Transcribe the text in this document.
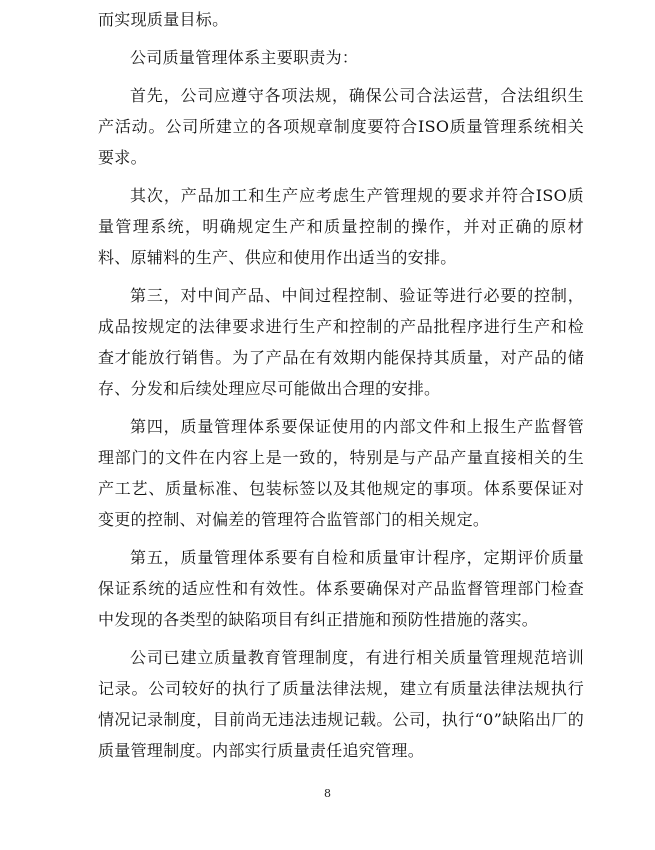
而实现质量目标。

公司质量管理体系主要职责为：

首先，公司应遵守各项法规，确保公司合法运营，合法组织生产活动。公司所建立的各项规章制度要符合ISO质量管理系统相关要求。

其次，产品加工和生产应考虑生产管理规的要求并符合ISO质量管理系统，明确规定生产和质量控制的操作，并对正确的原材料、原辅料的生产、供应和使用作出适当的安排。

第三，对中间产品、中间过程控制、验证等进行必要的控制，成品按规定的法律要求进行生产和控制的产品批程序进行生产和检查才能放行销售。为了产品在有效期内能保持其质量，对产品的储存、分发和后续处理应尽可能做出合理的安排。

第四，质量管理体系要保证使用的内部文件和上报生产监督管理部门的文件在内容上是一致的，特别是与产品产量直接相关的生产工艺、质量标准、包装标签以及其他规定的事项。体系要保证对变更的控制、对偏差的管理符合监管部门的相关规定。

第五，质量管理体系要有自检和质量审计程序，定期评价质量保证系统的适应性和有效性。体系要确保对产品监督管理部门检查中发现的各类型的缺陷项目有纠正措施和预防性措施的落实。

公司已建立质量教育管理制度，有进行相关质量管理规范培训记录。公司较好的执行了质量法律法规，建立有质量法律法规执行情况记录制度，目前尚无违法违规记载。公司，执行“0”缺陷出厂的质量管理制度。内部实行质量责任追究管理。

8
